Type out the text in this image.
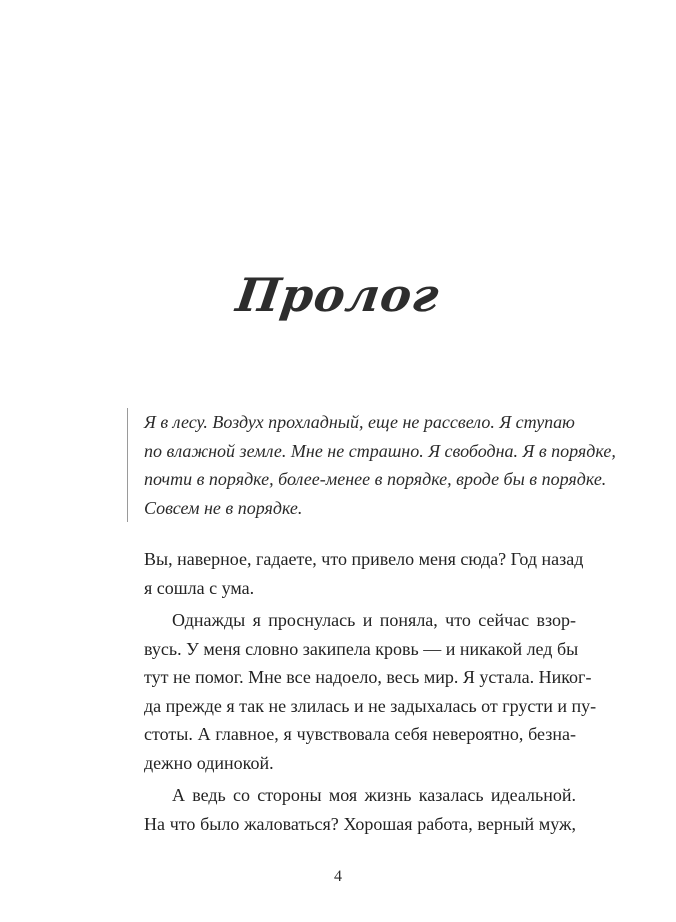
Пролог
Я в лесу. Воздух прохладный, еще не рассвело. Я ступаю
по влажной земле. Мне не страшно. Я свободна. Я в порядке,
почти в порядке, более-менее в порядке, вроде бы в порядке.
Совсем не в порядке.
Вы, наверное, гадаете, что привело меня сюда? Год назад
я сошла с ума.
Однажды я проснулась и поняла, что сейчас взор-
вусь. У меня словно закипела кровь — и никакой лед бы
тут не помог. Мне все надоело, весь мир. Я устала. Никог-
да прежде я так не злилась и не задыхалась от грусти и пу-
стоты. А главное, я чувствовала себя невероятно, безна-
дежно одинокой.
А ведь со стороны моя жизнь казалась идеальной.
На что было жаловаться? Хорошая работа, верный муж,
4
